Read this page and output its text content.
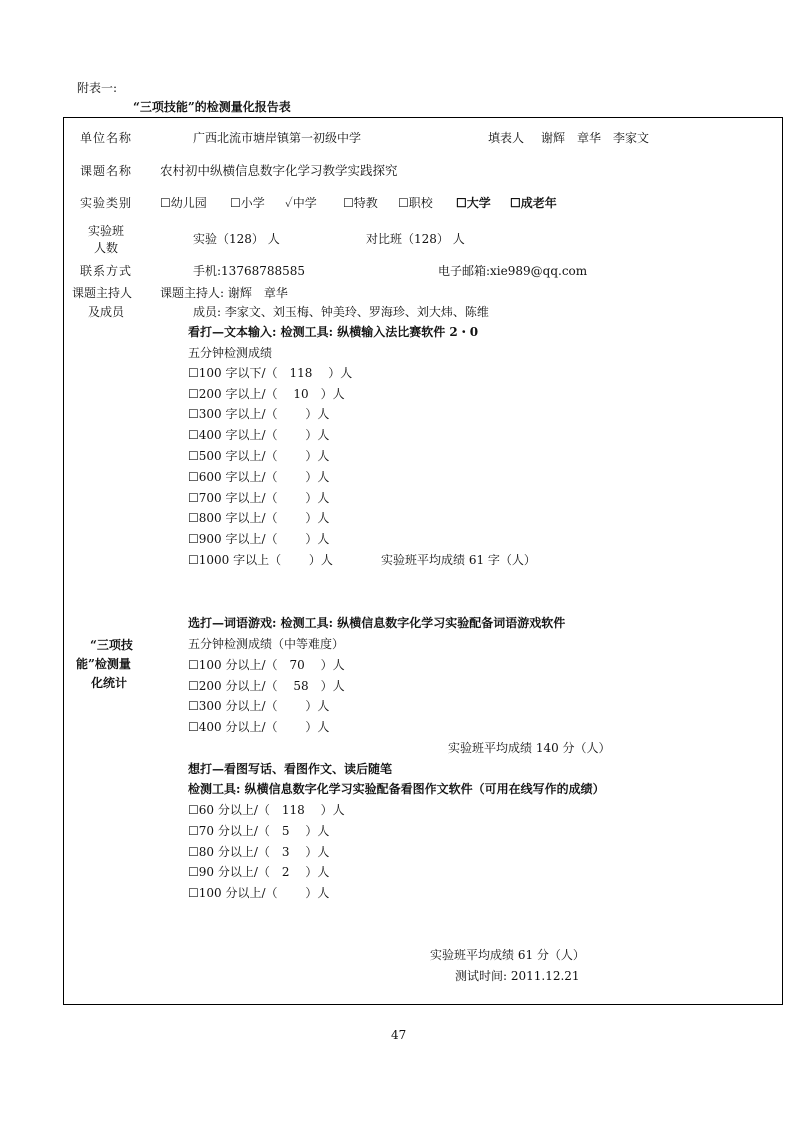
附表一:
“三项技能”的检测量化报告表
单位名称	广西北流市塘岸镇第一初级中学	填表人 谢辉　章华　李家文
课题名称 农村初中纵横信息数字化学习教学实践探究
实验类别 ☐幼儿园 ☐小学 ✓中学 ☐特教 ☐职校 ☐大学 ☐成老年
实验班
人数
实验（128） 人	对比班（128） 人
联系方式	手机:13768788585	电子邮箱:xie989@qq.com
课题主持人
及成员
课题主持人: 谢辉　章华
成员: 李家文、刘玉梅、钟美玲、罗海珍、刘大炜、陈维
看打—文本输入: 检测工具: 纵横输入法比赛软件 2・0
五分钟检测成绩
☐100 字以下/（　118　 ）人
☐200 字以上/（　 10　）人
☐300 字以上/（　　 ）人
☐400 字以上/（　　 ）人
☐500 字以上/（　　 ）人
☐600 字以上/（　　 ）人
☐700 字以上/（　　 ）人
☐800 字以上/（　　 ）人
☐900 字以上/（　　 ）人
☐1000 字以上（　　 ）人	实验班平均成绩 61 字（人）
“三项技
能”检测量
化统计
选打—词语游戏: 检测工具: 纵横信息数字化学习实验配备词语游戏软件
五分钟检测成绩（中等难度）
☐100 分以上/（　70　 ）人
☐200 分以上/（　 58　）人
☐300 分以上/（　　 ）人
☐400 分以上/（　　 ）人
实验班平均成绩 140 分（人）
想打—看图写话、看图作文、读后随笔
检测工具: 纵横信息数字化学习实验配备看图作文软件（可用在线写作的成绩）
☐60 分以上/（　118　 ）人
☐70 分以上/（　5　 ）人
☐80 分以上/（　3　 ）人
☐90 分以上/（　2　 ）人
☐100 分以上/（　　 ）人
实验班平均成绩 61 分（人）
测试时间: 2011.12.21
47
